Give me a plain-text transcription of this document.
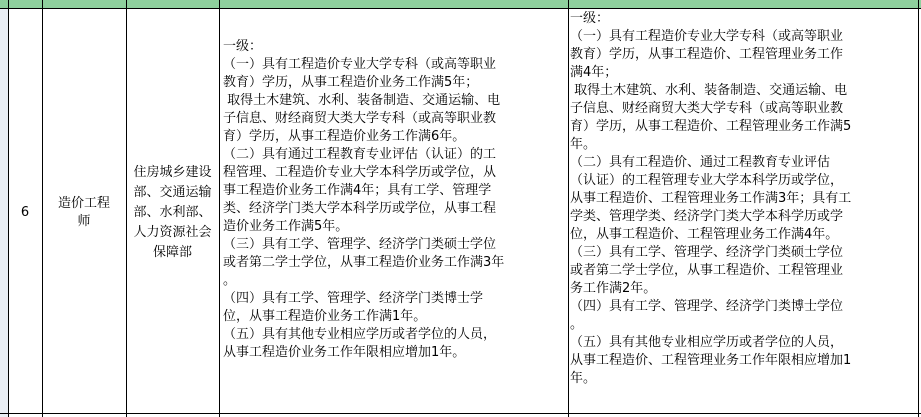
6
造价工程师
住房城乡建设部、交通运输部、水利部、人力资源社会保障部

一级：

（一）具有工程造价专业大学专科（或高等职业

教育）学历，从事工程造价业务工作满5年；

取得土木建筑、水利、装备制造、交通运输、电

子信息、财经商贸大类大学专科（或高等职业教

育）学历，从事工程造价业务工作满6年。

（二）具有通过工程教育专业评估（认证）的工

程管理、工程造价专业大学本科学历或学位，从

事工程造价业务工作满4年；具有工学、管理学

类、经济学门类大学本科学历或学位，从事工程

造价业务工作满5年。

（三）具有工学、管理学、经济学门类硕士学位

或者第二学士学位，从事工程造价业务工作满3年

。

（四）具有工学、管理学、经济学门类博士学

位，从事工程造价业务工作满1年。

（五）具有其他专业相应学历或者学位的人员，

从事工程造价业务工作年限相应增加1年。

一级：

（一）具有工程造价专业大学专科（或高等职业

教育）学历，从事工程造价、工程管理业务工作

满4年；

取得土木建筑、水利、装备制造、交通运输、电

子信息、财经商贸大类大学专科（或高等职业教

育）学历，从事工程造价、工程管理业务工作满5

年。

（二）具有工程造价、通过工程教育专业评估

（认证）的工程管理专业大学本科学历或学位，

从事工程造价、工程管理业务工作满3年；具有工

学类、管理学类、经济学门类大学本科学历或学

位，从事工程造价、工程管理业务工作满4年。

（三）具有工学、管理学、经济学门类硕士学位

或者第二学士学位，从事工程造价、工程管理业

务工作满2年。

（四）具有工学、管理学、经济学门类博士学位

。

（五）具有其他专业相应学历或者学位的人员，

从事工程造价、工程管理业务工作年限相应增加1

年。
